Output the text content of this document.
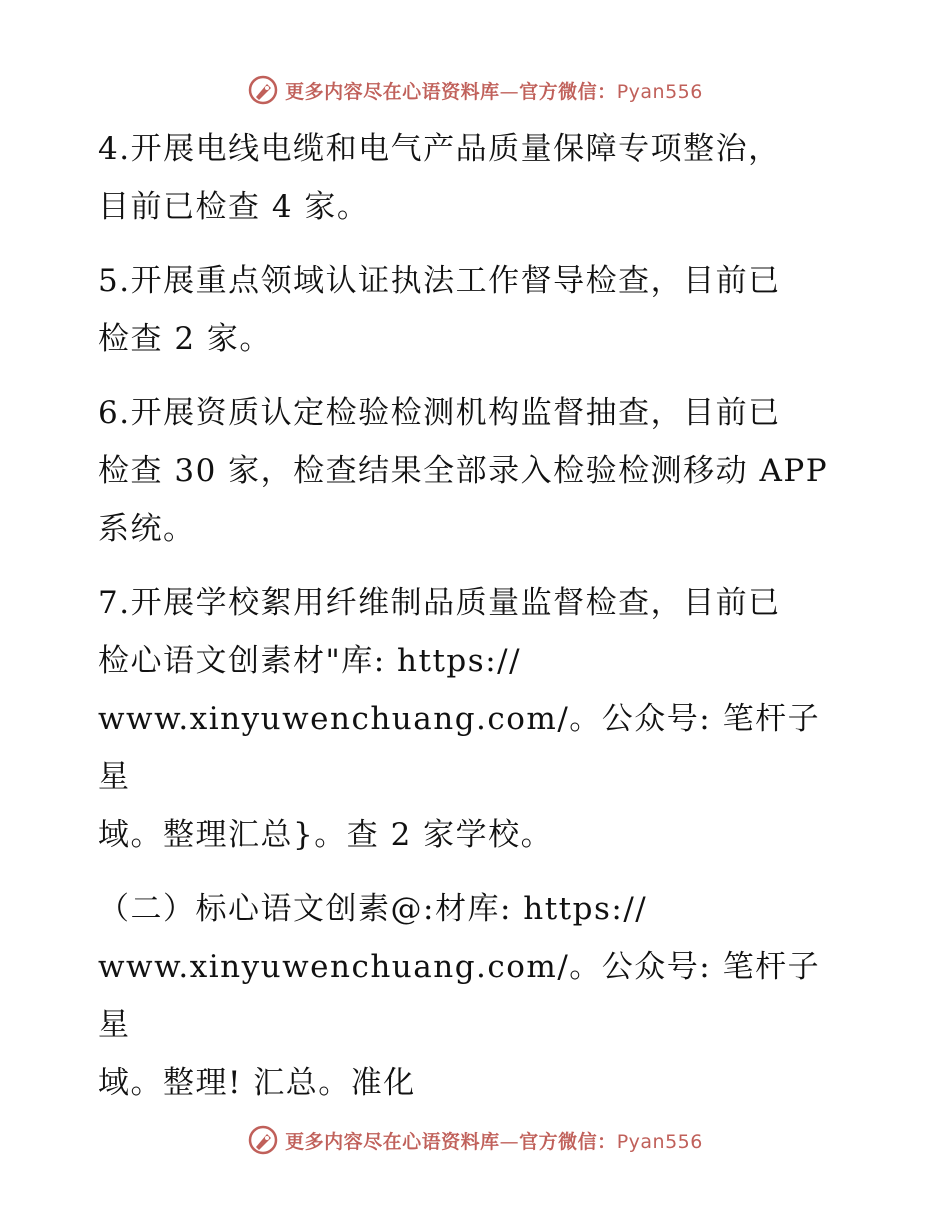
更多内容尽在心语资料库—官方微信：Pyan556
4.开展电线电缆和电气产品质量保障专项整治，
目前已检查 4 家。
5.开展重点领域认证执法工作督导检查，目前已
检查 2 家。
6.开展资质认定检验检测机构监督抽查，目前已
检查 30 家，检查结果全部录入检验检测移动 APP
系统。
7.开展学校絮用纤维制品质量监督检查，目前已
检心语文创素材"库: https://
www.xinyuwenchuang.com/。公众号: 笔杆子星
域。整理汇总}。查 2 家学校。
（二）标心语文创素@:材库: https://
www.xinyuwenchuang.com/。公众号: 笔杆子星
域。整理! 汇总。准化
更多内容尽在心语资料库—官方微信：Pyan556
